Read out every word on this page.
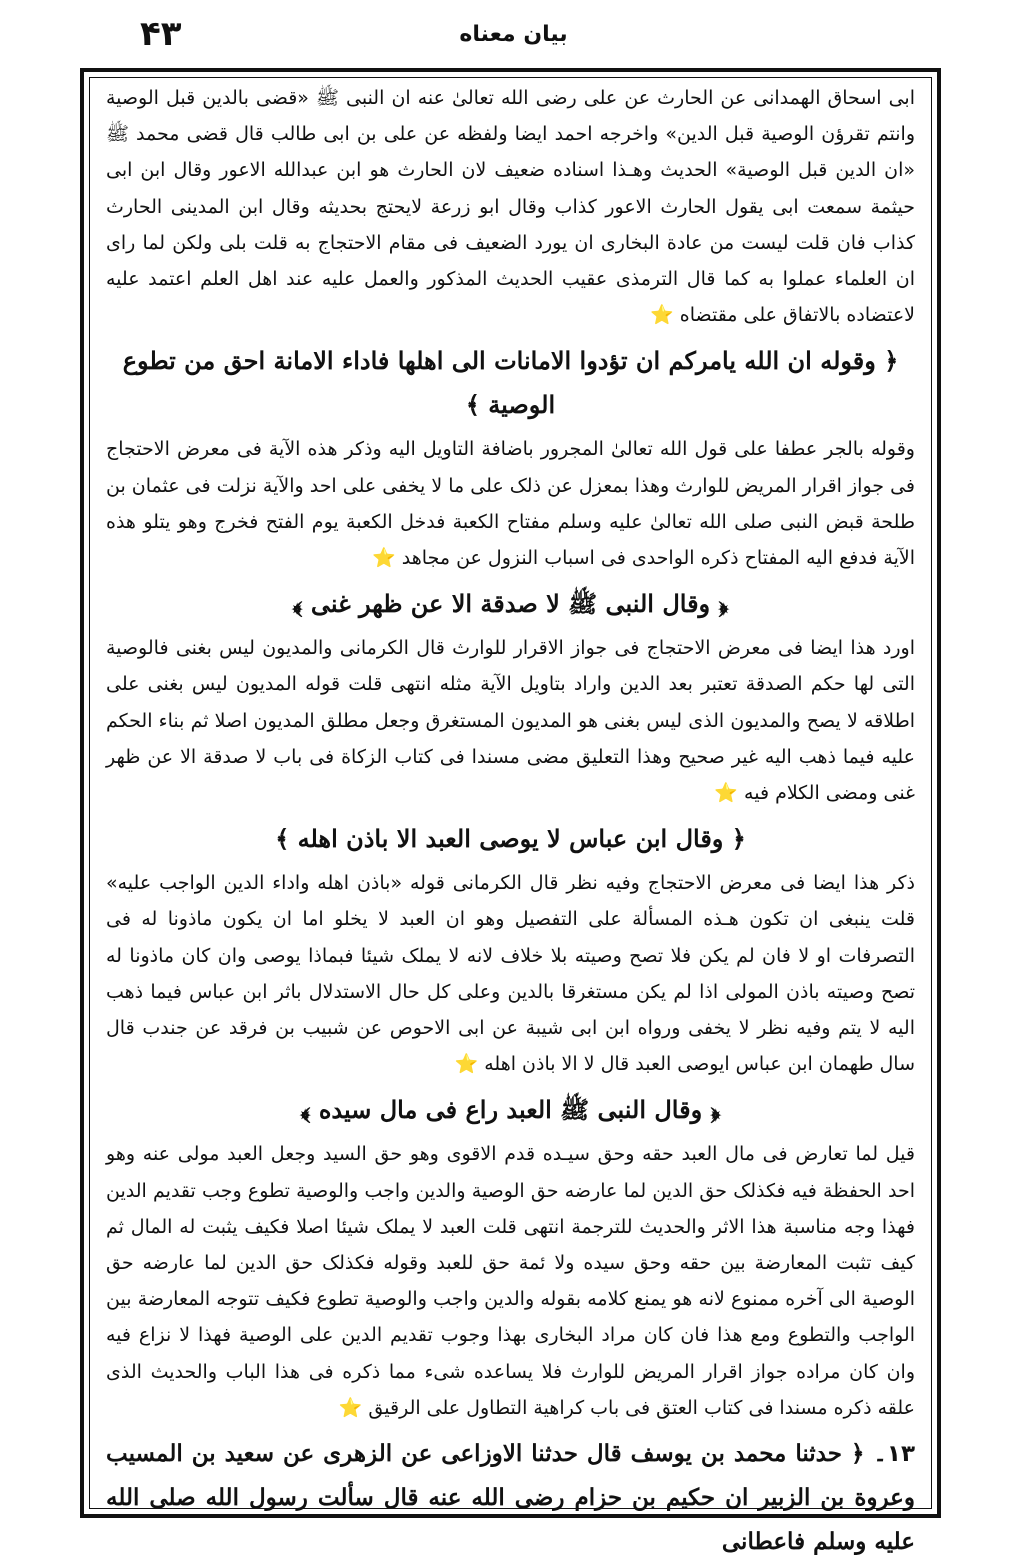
۴۳	بیان معناه

ابی اسحاق الهمدانی عن الحارث عن علی رضی الله تعالیٰ عنه ان النبی ﷺ «قضی بالدین قبل الوصیة وانتم تقرؤن الوصیة قبل الدین» واخرجه احمد ایضا ولفظه عن علی بن ابی طالب قال قضی محمد ﷺ «ان الدین قبل الوصیة» الحدیث وهـذا اسناده ضعیف لان الحارث هو ابن عبدالله الاعور وقال ابن ابی حیثمة سمعت ابی یقول الحارث الاعور کذاب وقال ابو زرعة لایحتج بحدیثه وقال ابن المدینی الحارث کذاب فان قلت لیست من عادة البخاری ان یورد الضعیف فی مقام الاحتجاج به قلت بلی ولکن لما رای ان العلماء عملوا به کما قال الترمذی عقیب الحدیث المذکور والعمل علیه عند اهل العلم اعتمد علیه لاعتضاده بالاتفاق علی مقتضاه ⭐

﴿ وقوله ان الله یامرکم ان تؤدوا الامانات الی اهلها فاداء الامانة احق من تطوع الوصیة ﴾

وقوله بالجر عطفا علی قول الله تعالیٰ المجرور باضافة التاویل الیه وذکر هذه الآیة فی معرض الاحتجاج فی جواز اقرار المریض للوارث وهذا بمعزل عن ذلک علی ما لا یخفی علی احد والآیة نزلت فی عثمان بن طلحة قبض النبی صلی الله تعالیٰ علیه وسلم مفتاح الکعبة فدخل الکعبة یوم الفتح فخرج وهو یتلو هذه الآیة فدفع الیه المفتاح ذکره الواحدی فی اسباب النزول عن مجاهد ⭐

﴿ وقال النبی ﷺ لا صدقة الا عن ظهر غنی ﴾

اورد هذا ایضا فی معرض الاحتجاج فی جواز الاقرار للوارث قال الکرمانی والمدیون لیس بغنی فالوصیة التی لها حکم الصدقة تعتبر بعد الدین واراد بتاویل الآیة مثله انتهی قلت قوله المدیون لیس بغنی علی اطلاقه لا یصح والمدیون الذی لیس بغنی هو المدیون المستغرق وجعل مطلق المدیون اصلا ثم بناء الحکم علیه فیما ذهب الیه غیر صحیح وهذا التعلیق مضی مسندا فی کتاب الزکاة فی باب لا صدقة الا عن ظهر غنی ومضی الکلام فیه ⭐

﴿ وقال ابن عباس لا یوصی العبد الا باذن اهله ﴾

ذکر هذا ایضا فی معرض الاحتجاج وفیه نظر قال الکرمانی قوله «باذن اهله واداء الدین الواجب علیه» قلت ینبغی ان تکون هـذه المسألة علی التفصیل وهو ان العبد لا یخلو اما ان یکون ماذونا له فی التصرفات او لا فان لم یکن فلا تصح وصیته بلا خلاف لانه لا یملک شیئا فبماذا یوصی وان کان ماذونا له تصح وصیته باذن المولی اذا لم یکن مستغرقا بالدین وعلی کل حال الاستدلال باثر ابن عباس فیما ذهب الیه لا یتم وفیه نظر لا یخفی ورواه ابن ابی شیبة عن ابی الاحوص عن شبیب بن فرقد عن جندب قال سال طهمان ابن عباس ایوصی العبد قال لا الا باذن اهله ⭐

﴿ وقال النبی ﷺ العبد راع فی مال سیده ﴾

قیل لما تعارض فی مال العبد حقه وحق سیـده قدم الاقوی وهو حق السید وجعل العبد مولی عنه وهو احد الحفظة فیه فکذلک حق الدین لما عارضه حق الوصیة والدین واجب والوصیة تطوع وجب تقدیم الدین فهذا وجه مناسبة هذا الاثر والحدیث للترجمة انتهی قلت العبد لا یملک شیئا اصلا فکیف یثبت له المال ثم کیف تثبت المعارضة بین حقه وحق سیده ولا ئمة حق للعبد وقوله فکذلک حق الدین لما عارضه حق الوصیة الی آخره ممنوع لانه هو یمنع کلامه بقوله والدین واجب والوصیة تطوع فکیف تتوجه المعارضة بین الواجب والتطوع ومع هذا فان کان مراد البخاری بهذا وجوب تقدیم الدین علی الوصیة فهذا لا نزاع فیه وان کان مراده جواز اقرار المریض للوارث فلا یساعده شیء مما ذکره فی هذا الباب والحدیث الذی علقه ذکره مسندا فی کتاب العتق فی باب کراهیة التطاول علی الرقیق ⭐

۱۳۔ ﴿ حدثنا محمد بن یوسف قال حدثنا الاوزاعی عن الزهری عن سعید بن المسیب وعروة بن الزبیر ان حکیم بن حزام رضی الله عنه قال سألت رسول الله صلی الله علیه وسلم فاعطانی
